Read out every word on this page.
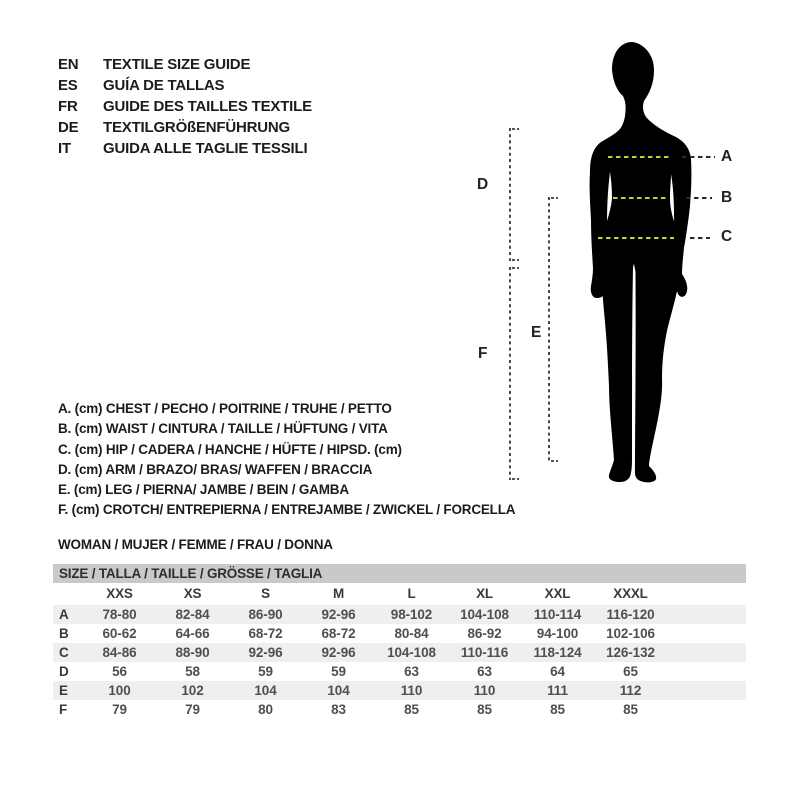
EN TEXTILE SIZE GUIDE
ES GUÍA DE TALLAS
FR GUIDE DES TAILLES TEXTILE
DE TEXTILGRÖßENFÜHRUNG
IT GUIDA ALLE TAGLIE TESSILI	A
B
C
D
E
F
A. (cm) CHEST / PECHO / POITRINE / TRUHE / PETTO
B. (cm) WAIST / CINTURA / TAILLE / HÜFTUNG / VITA
C. (cm) HIP / CADERA / HANCHE / HÜFTE / HIPSD. (cm)
D. (cm) ARM / BRAZO/ BRAS/ WAFFEN / BRACCIA
E. (cm) LEG / PIERNA/ JAMBE / BEIN / GAMBA
F. (cm) CROTCH/ ENTREPIERNA / ENTREJAMBE / ZWICKEL / FORCELLA
WOMAN / MUJER / FEMME / FRAU / DONNA
SIZE / TALLA / TAILLE / GRÖSSE / TAGLIA
XXS	XS	S	M	L	XL	XXL	XXXL
A	78-80	82-84	86-90	92-96	98-102	104-108	110-114	116-120
B	60-62	64-66	68-72	68-72	80-84	86-92	94-100	102-106
C	84-86	88-90	92-96	92-96	104-108	110-116	118-124	126-132
D	56	58	59	59	63	63	64	65
E	100	102	104	104	110	110	111	112
F	79	79	80	83	85	85	85	85
